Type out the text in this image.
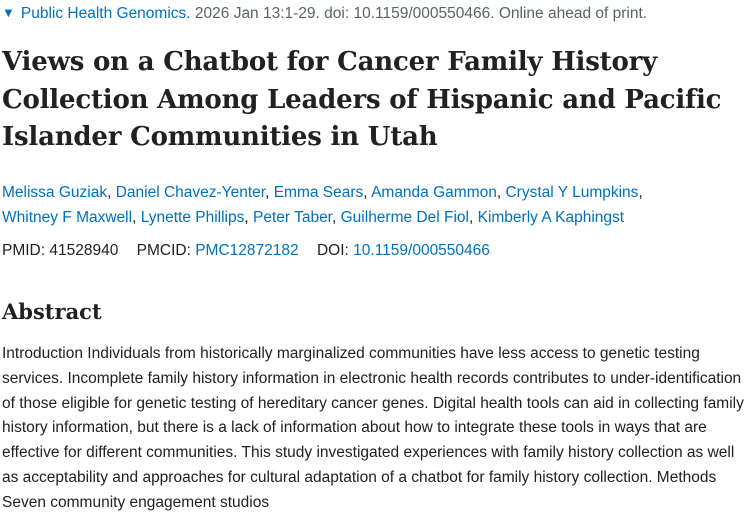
▼ Public Health Genomics. 2026 Jan 13:1-29. doi: 10.1159/000550466. Online ahead of print.
Views on a Chatbot for Cancer Family History Collection Among Leaders of Hispanic and Pacific Islander Communities in Utah
Melissa Guziak, Daniel Chavez-Yenter, Emma Sears, Amanda Gammon, Crystal Y Lumpkins,
Whitney F Maxwell, Lynette Phillips, Peter Taber, Guilherme Del Fiol, Kimberly A Kaphingst
PMID: 41528940 PMCID: PMC12872182 DOI: 10.1159/000550466
Abstract

Introduction Individuals from historically marginalized communities have less access to genetic testing services. Incomplete family history information in electronic health records contributes to under-identification of those eligible for genetic testing of hereditary cancer genes. Digital health tools can aid in collecting family history information, but there is a lack of information about how to integrate these tools in ways that are effective for different communities. This study investigated experiences with family history collection as well as acceptability and approaches for cultural adaptation of a chatbot for family history collection. Methods Seven community engagement studios
